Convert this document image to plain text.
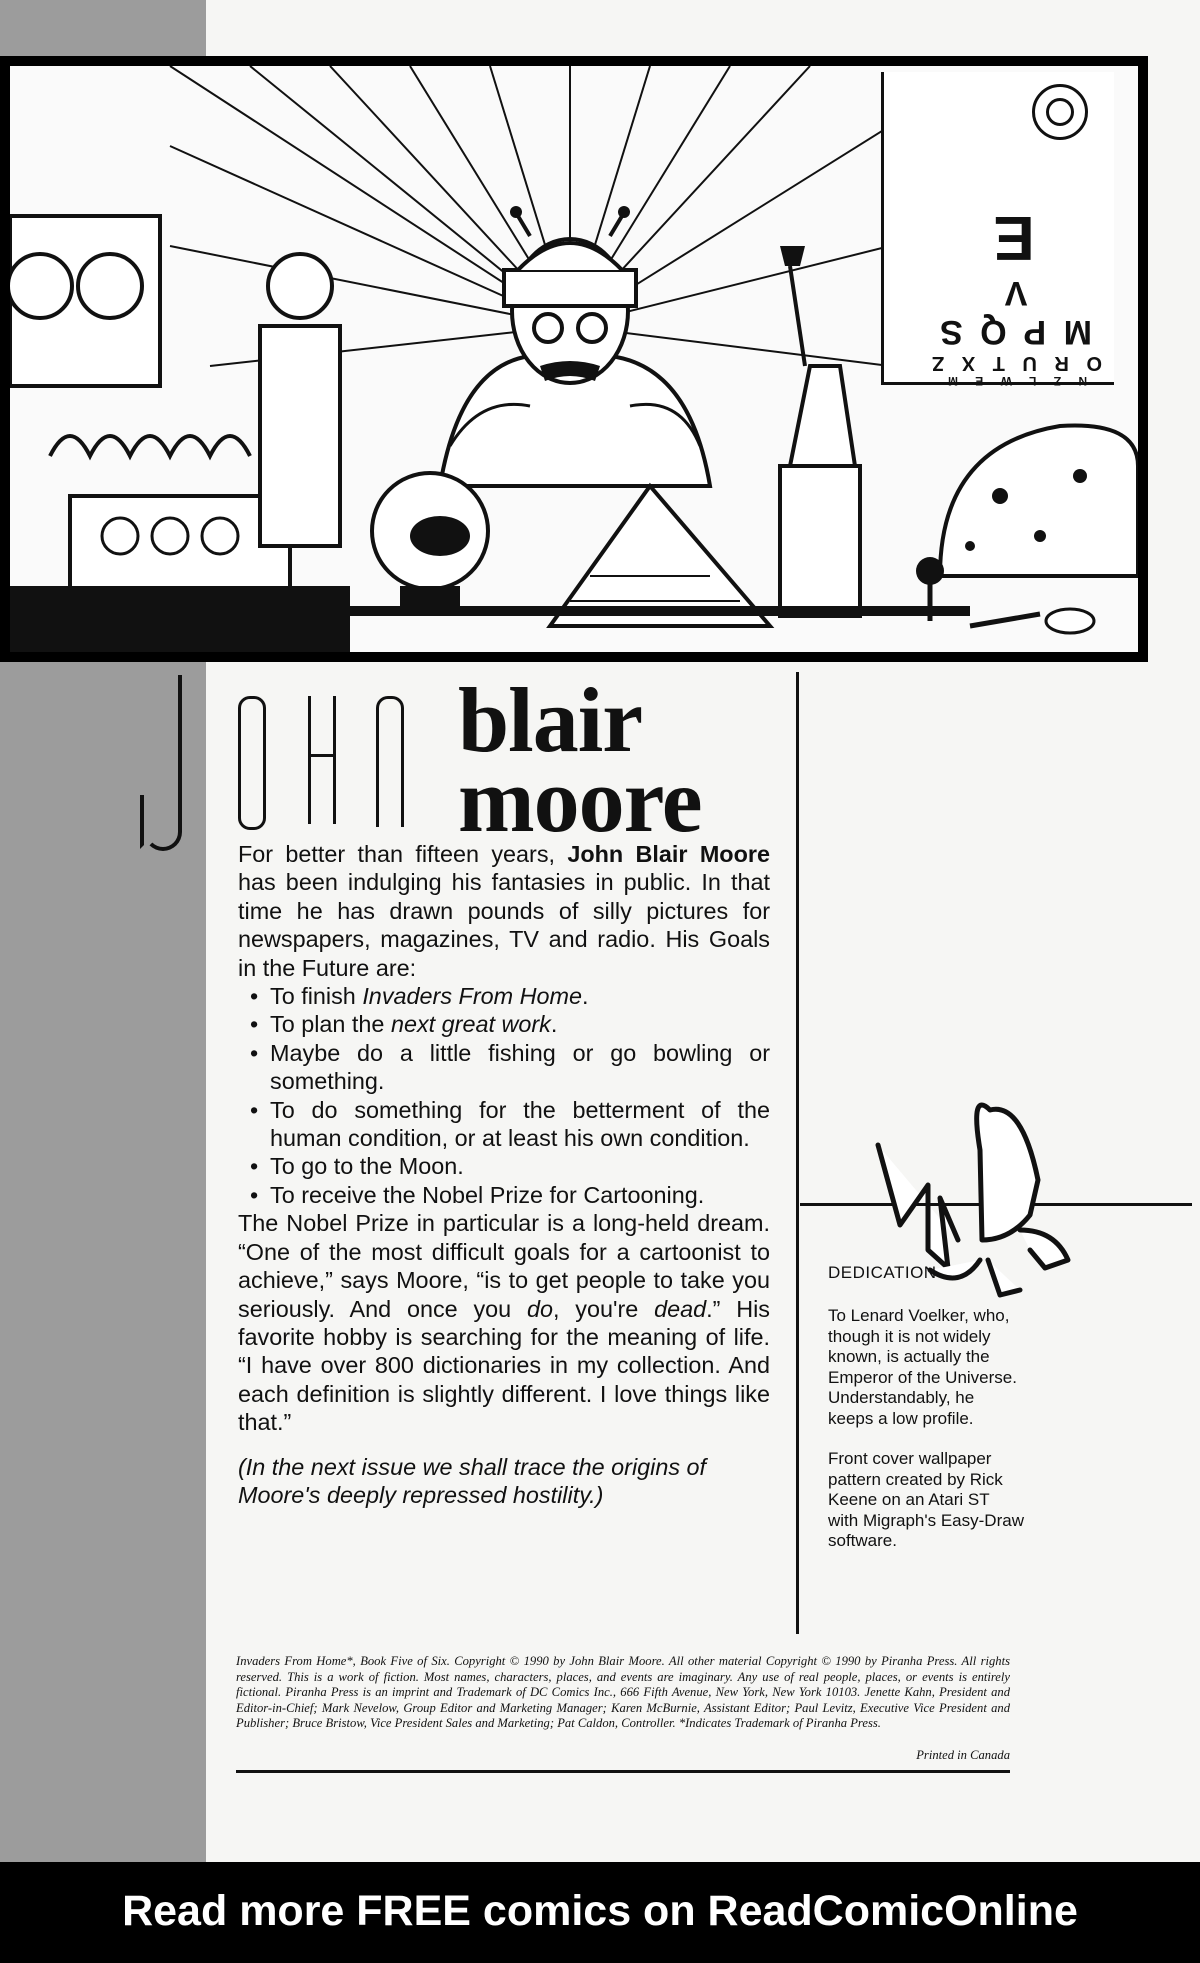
N Z L W E M
O R U T X Z
M P Q S V
E
blair
moore

For better than fifteen years, John Blair Moore has been indulging his fantasies in public. In that time he has drawn pounds of silly pictures for newspapers, magazines, TV and radio. His Goals in the Future are:

• To finish Invaders From Home.
• To plan the next great work.
• Maybe do a little fishing or go bowling or something.
• To do something for the betterment of the human condition, or at least his own condition.
• To go to the Moon.
• To receive the Nobel Prize for Cartooning.

The Nobel Prize in particular is a long-held dream. “One of the most difficult goals for a cartoonist to achieve,” says Moore, “is to get people to take you seriously. And once you do, you're dead.” His favorite hobby is searching for the meaning of life. “I have over 800 dictionaries in my collection. And each definition is slightly different. I love things like that.”

(In the next issue we shall trace the origins of Moore's deeply repressed hostility.)

DEDICATION

To Lenard Voelker, who, though it is not widely known, is actually the Emperor of the Universe. Understandably, he keeps a low profile.

Front cover wallpaper pattern created by Rick Keene on an Atari ST with Migraph's Easy-Draw software.

Invaders From Home*, Book Five of Six. Copyright © 1990 by John Blair Moore. All other material Copyright © 1990 by Piranha Press. All rights reserved. This is a work of fiction. Most names, characters, places, and events are imaginary. Any use of real people, places, or events is entirely fictional. Piranha Press is an imprint and Trademark of DC Comics Inc., 666 Fifth Avenue, New York, New York 10103. Jenette Kahn, President and Editor-in-Chief; Mark Nevelow, Group Editor and Marketing Manager; Karen McBurnie, Assistant Editor; Paul Levitz, Executive Vice President and Publisher; Bruce Bristow, Vice President Sales and Marketing; Pat Caldon, Controller. *Indicates Trademark of Piranha Press.
Printed in Canada
Read more FREE comics on ReadComicOnline
